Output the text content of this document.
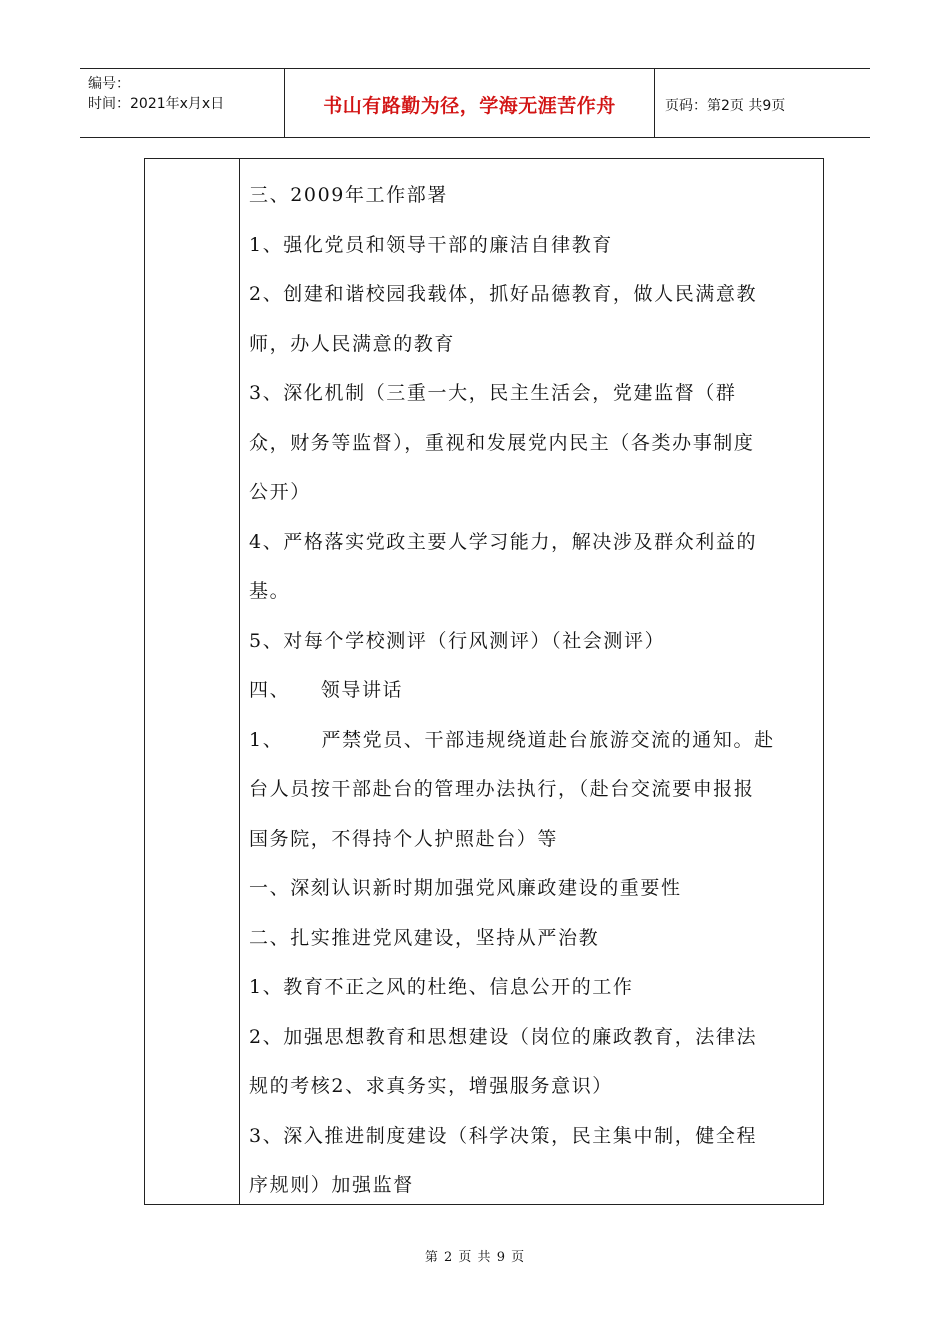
编号：
时间：2021年x月x日	书山有路勤为径，学海无涯苦作舟	页码：第2页 共9页

三、2009年工作部署

1、强化党员和领导干部的廉洁自律教育

2、创建和谐校园我载体，抓好品德教育，做人民满意教

师，办人民满意的教育

3、深化机制（三重一大，民主生活会，党建监督（群

众，财务等监督），重视和发展党内民主（各类办事制度

公开）

4、严格落实党政主要人学习能力，解决涉及群众利益的

基。

5、对每个学校测评（行风测评）（社会测评）

四、    领导讲话

1、     严禁党员、干部违规绕道赴台旅游交流的通知。赴

台人员按干部赴台的管理办法执行，（赴台交流要申报报

国务院，不得持个人护照赴台）等

一、深刻认识新时期加强党风廉政建设的重要性

二、扎实推进党风建设，坚持从严治教

1、教育不正之风的杜绝、信息公开的工作

2、加强思想教育和思想建设（岗位的廉政教育，法律法

规的考核2、求真务实，增强服务意识）

3、深入推进制度建设（科学决策，民主集中制，健全程

序规则）加强监督

第 2 页 共 9 页
